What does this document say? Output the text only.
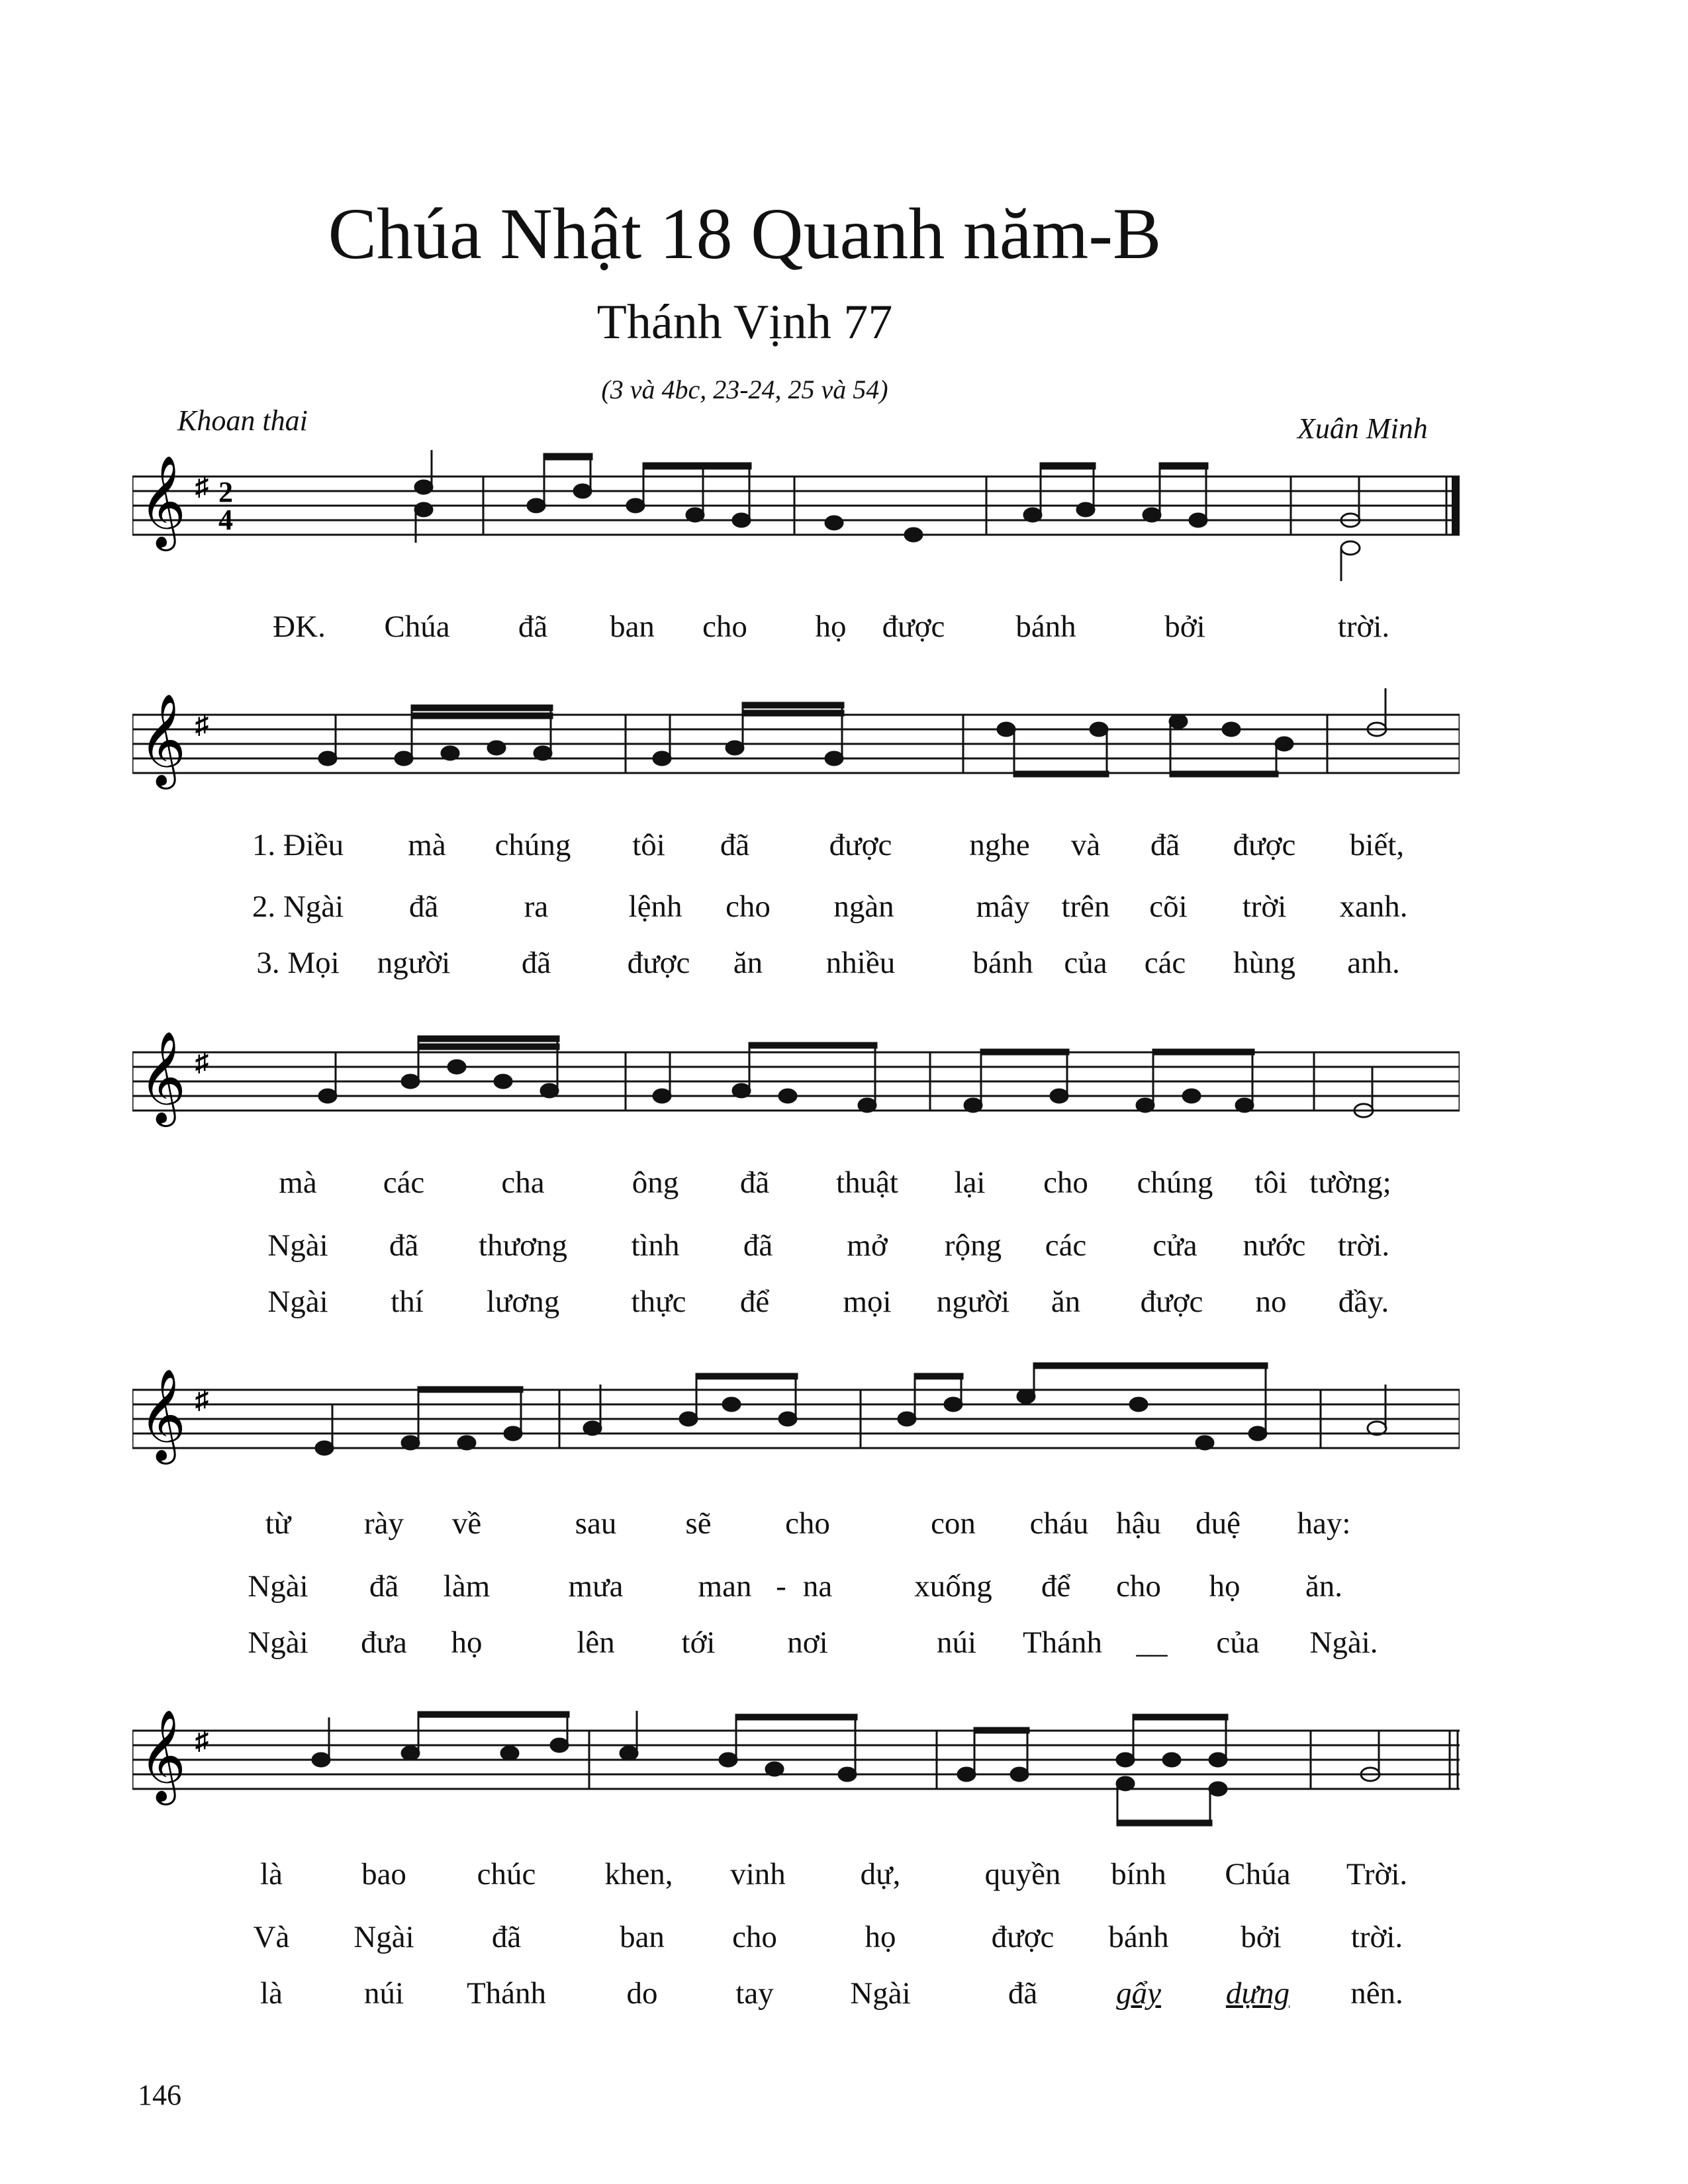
Chúa Nhật 18 Quanh năm-B
Thánh Vịnh 77
(3 và 4bc, 23-24, 25 và 54)
Khoan thai	Xuân Minh
𝄞 ♯ 2
4
ĐK. Chúa đã ban cho họ được bánh	bởi	trời.
𝄞 ♯
1. Điều mà chúng tôi đã	được nghe và đã được biết,
2. Ngài đã	ra	lệnh cho ngàn	mây trên cõi trời xanh.
3. Mọi người đã được ăn nhiều bánh của các hùng anh.
𝄞 ♯
mà các cha	ông đã thuật lại cho chúng tôi tường;
Ngài đã thương tình đã mở rộng các cửa nước trời.
Ngài thí lương thực để mọi người ăn được no đầy.
𝄞 ♯
từ rày về	sau sẽ cho	con cháu hậu duệ hay:
Ngài đã làm	mưa man - na	xuống để cho họ ăn.
Ngài đưa họ	lên tới nơi	núi Thánh __ của Ngài.
𝄞 ♯
là	bao chúc khen, vinh dự,	quyền bính Chúa Trời.
Và Ngài đã	ban cho	họ	được bánh bởi trời.
là	núi Thánh	do	tay Ngài	đã	gẩy dựng nên.
146
